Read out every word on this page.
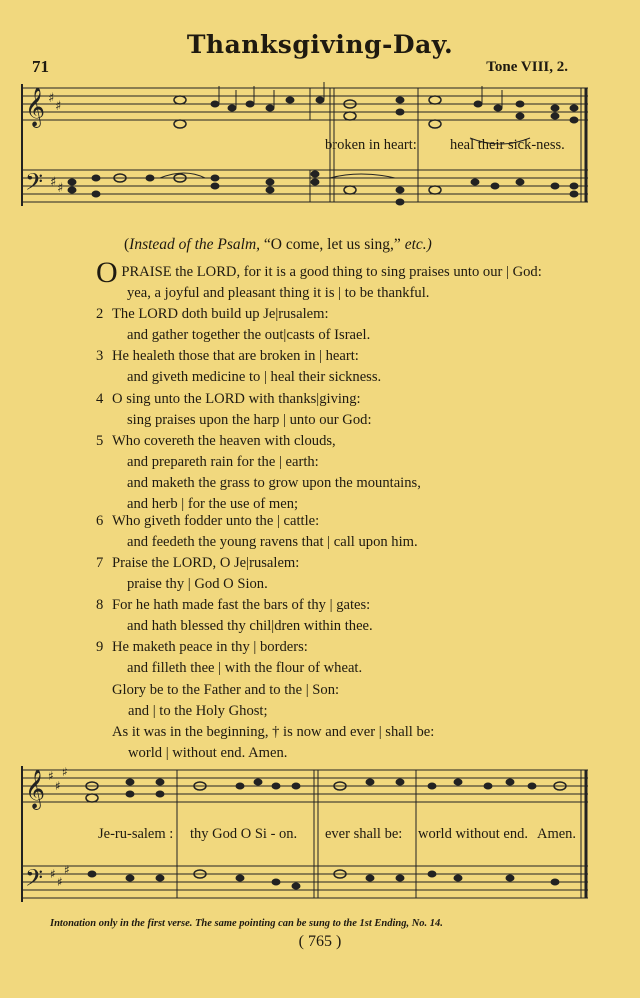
Thanksgiving-Day.
71	Tone VIII, 2.
𝄞 ♯
♯
𝄢 ♯ ♯
broken in heart: heal their sick-ness.
(Instead of the Psalm, “O come, let us sing,” etc.)
O PRAISE the LORD, for it is a good thing to sing praises unto our | God:
yea, a joyful and pleasant thing it is | to be thankful.
2 The LORD doth build up Je|rusalem:
and gather together the out|casts of Israel.
3 He healeth those that are broken in | heart:
and giveth medicine to | heal their sickness.
4 O sing unto the LORD with thanks|giving:
sing praises upon the harp | unto our God:
5 Who covereth the heaven with clouds,
and prepareth rain for the | earth:
and maketh the grass to grow upon the mountains,
and herb | for the use of men;
6 Who giveth fodder unto the | cattle:
and feedeth the young ravens that | call upon him.
7 Praise the LORD, O Je|rusalem:
praise thy | God O Sion.
8 For he hath made fast the bars of thy | gates:
and hath blessed thy chil|dren within thee.
9 He maketh peace in thy | borders:
and filleth thee | with the flour of wheat.
Glory be to the Father and to the | Son:
and | to the Holy Ghost;
As it was in the beginning, † is now and ever | shall be:
world | without end. Amen.
𝄞 ♯
♯
♯
𝄢 ♯
♯
♯
Je-ru-salem : thy God O Si - on. ever shall be: world without end. Amen.
Intonation only in the first verse. The same pointing can be sung to the 1st Ending, No. 14.
( 765 )
